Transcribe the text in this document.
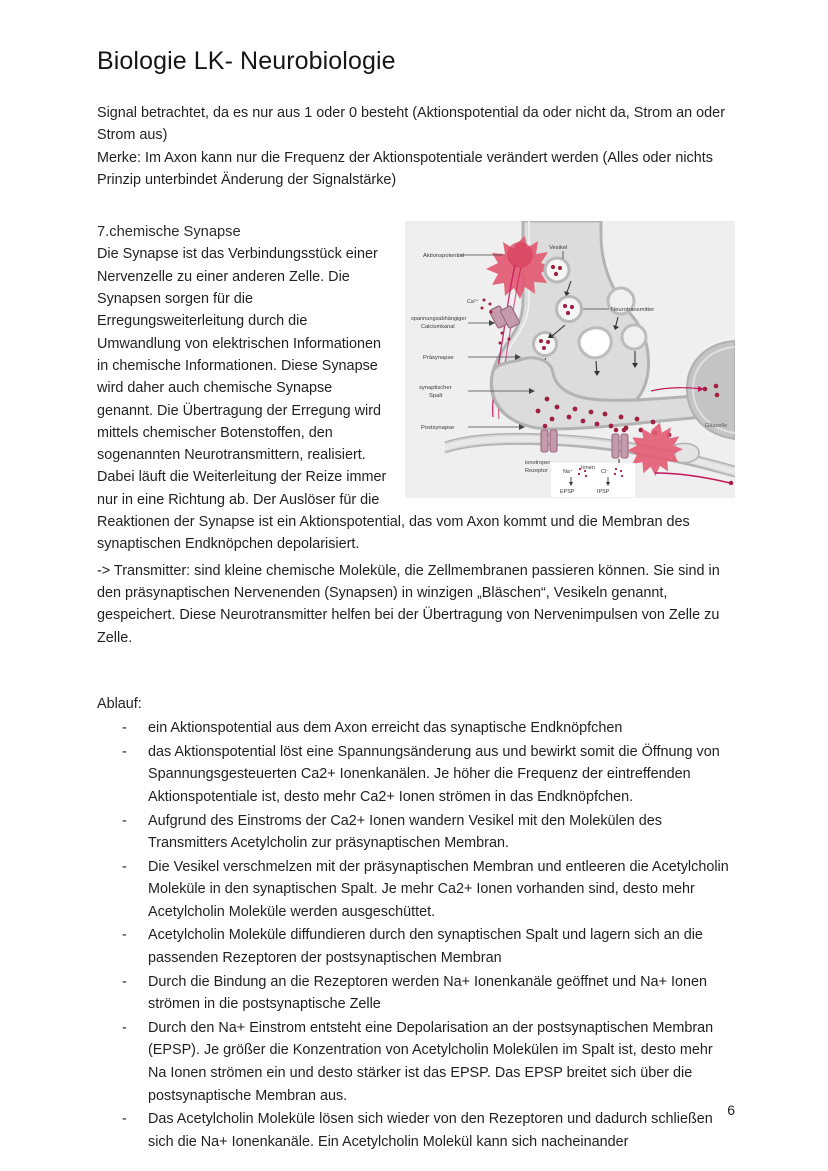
Biologie LK- Neurobiologie

Signal betrachtet, da es nur aus 1 oder 0 besteht (Aktionspotential da oder nicht da, Strom an oder Strom aus)

Merke: Im Axon kann nur die Frequenz der Aktionspotentiale verändert werden (Alles oder nichts Prinzip unterbindet Änderung der Signalstärke)

Ca²⁺
Na⁺
EPSP
Cl⁻
IPSP
Aktionspotential
Vesikel
Neurotransmitter
spannungsabhängiger
Calciumkanal
Präsynapse
synaptischer
Spalt
Postsynapse
ionotroper
Rezeptor	Ionen
Gliazelle
7.chemische Synapse
Die Synapse ist das Verbindungsstück einer Nervenzelle zu einer anderen Zelle. Die Synapsen sorgen für die Erregungsweiterleitung durch die Umwandlung von elektrischen Informationen in chemische Informationen. Diese Synapse wird daher auch chemische Synapse genannt. Die Übertragung der Erregung wird mittels chemischer Botenstoffen, den sogenannten Neurotransmittern, realisiert. Dabei läuft die Weiterleitung der Reize immer nur in eine Richtung ab. Der Auslöser für die Reaktionen der Synapse ist ein Aktionspotential, das vom Axon kommt und die Membran des synaptischen Endknöpchen depolarisiert.

-> Transmitter: sind kleine chemische Moleküle, die Zellmembranen passieren können. Sie sind in den präsynaptischen Nervenenden (Synapsen) in winzigen „Bläschen“, Vesikeln genannt, gespeichert. Diese Neurotransmitter helfen bei der Übertragung von Nervenimpulsen von Zelle zu Zelle.

Ablauf:
- ein Aktionspotential aus dem Axon erreicht das synaptische Endknöpfchen
- das Aktionspotential löst eine Spannungsänderung aus und bewirkt somit die Öffnung von Spannungsgesteuerten Ca2+ Ionenkanälen. Je höher die Frequenz der eintreffenden Aktionspotentiale ist, desto mehr Ca2+ Ionen strömen in das Endknöpfchen.
- Aufgrund des Einstroms der Ca2+ Ionen wandern Vesikel mit den Molekülen des Transmitters Acetylcholin zur präsynaptischen Membran.
- Die Vesikel verschmelzen mit der präsynaptischen Membran und entleeren die Acetylcholin Moleküle in den synaptischen Spalt. Je mehr Ca2+ Ionen vorhanden sind, desto mehr Acetylcholin Moleküle werden ausgeschüttet.
- Acetylcholin Moleküle diffundieren durch den synaptischen Spalt und lagern sich an die passenden Rezeptoren der postsynaptischen Membran
- Durch die Bindung an die Rezeptoren werden Na+ Ionenkanäle geöffnet und Na+ Ionen strömen in die postsynaptische Zelle
- Durch den Na+ Einstrom entsteht eine Depolarisation an der postsynaptischen Membran (EPSP). Je größer die Konzentration von Acetylcholin Molekülen im Spalt ist, desto mehr Na Ionen strömen ein und desto stärker ist das EPSP. Das EPSP breitet sich über die postsynaptische Membran aus.
- Das Acetylcholin Moleküle lösen sich wieder von den Rezeptoren und dadurch schließen sich die Na+ Ionenkanäle. Ein Acetylcholin Molekül kann sich nacheinander
6
